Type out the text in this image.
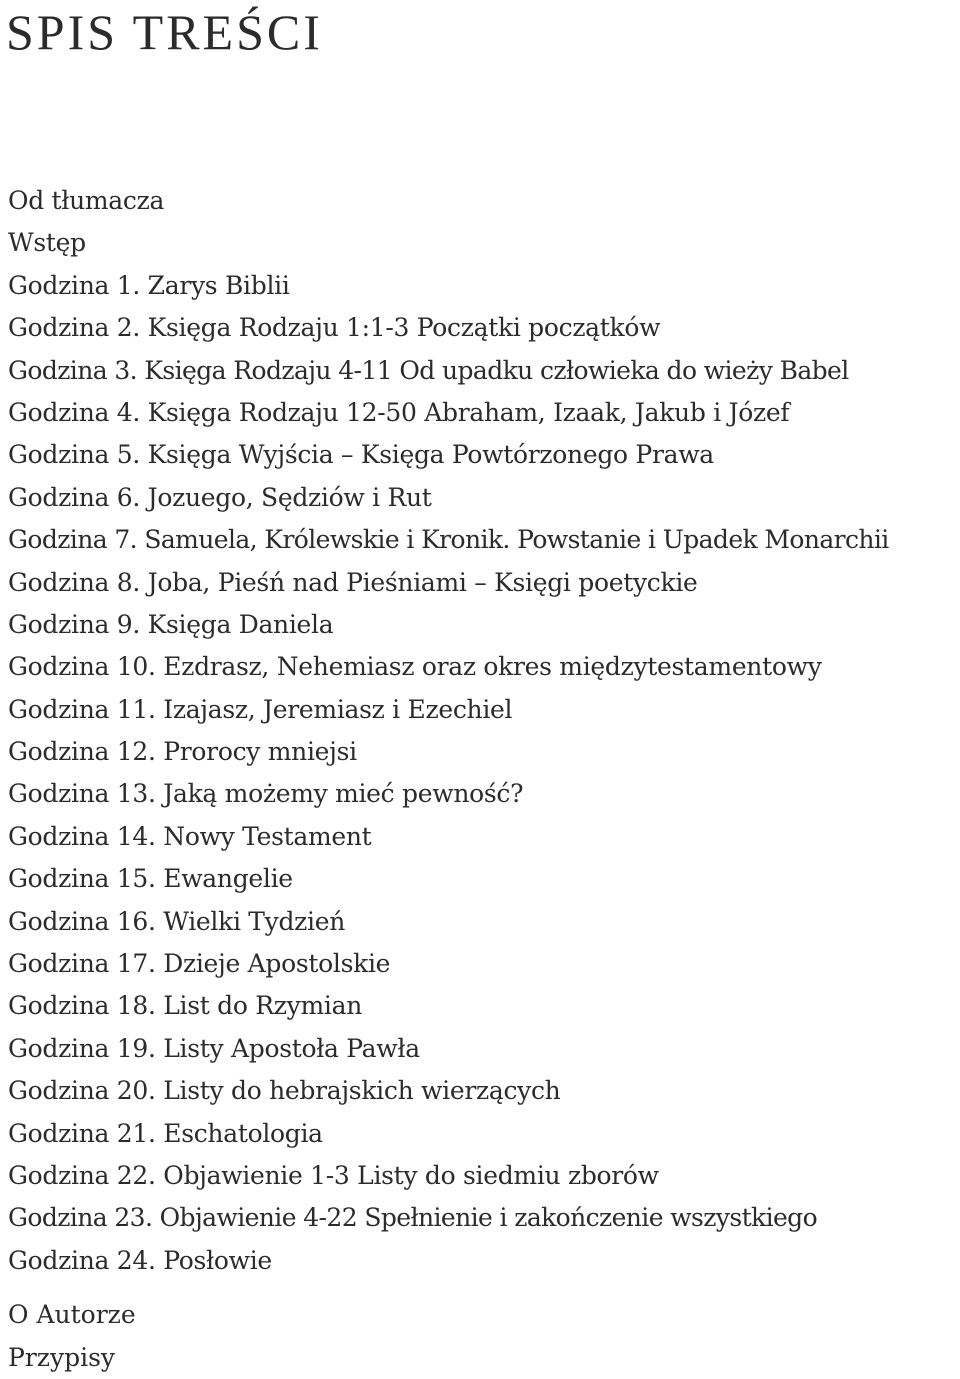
SPIS TREŚCI
Od tłumacza
Wstęp
Godzina 1. Zarys Biblii
Godzina 2. Księga Rodzaju 1:1-3 Początki początków
Godzina 3. Księga Rodzaju 4-11 Od upadku człowieka do wieży Babel
Godzina 4. Księga Rodzaju 12-50 Abraham, Izaak, Jakub i Józef
Godzina 5. Księga Wyjścia – Księga Powtórzonego Prawa
Godzina 6. Jozuego, Sędziów i Rut
Godzina 7. Samuela, Królewskie i Kronik. Powstanie i Upadek Monarchii
Godzina 8. Joba, Pieśń nad Pieśniami – Księgi poetyckie
Godzina 9. Księga Daniela
Godzina 10. Ezdrasz, Nehemiasz oraz okres międzytestamentowy
Godzina 11. Izajasz, Jeremiasz i Ezechiel
Godzina 12. Prorocy mniejsi
Godzina 13. Jaką możemy mieć pewność?
Godzina 14. Nowy Testament
Godzina 15. Ewangelie
Godzina 16. Wielki Tydzień
Godzina 17. Dzieje Apostolskie
Godzina 18. List do Rzymian
Godzina 19. Listy Apostoła Pawła
Godzina 20. Listy do hebrajskich wierzących
Godzina 21. Eschatologia
Godzina 22. Objawienie 1-3 Listy do siedmiu zborów
Godzina 23. Objawienie 4-22 Spełnienie i zakończenie wszystkiego
Godzina 24. Posłowie
O Autorze
Przypisy
